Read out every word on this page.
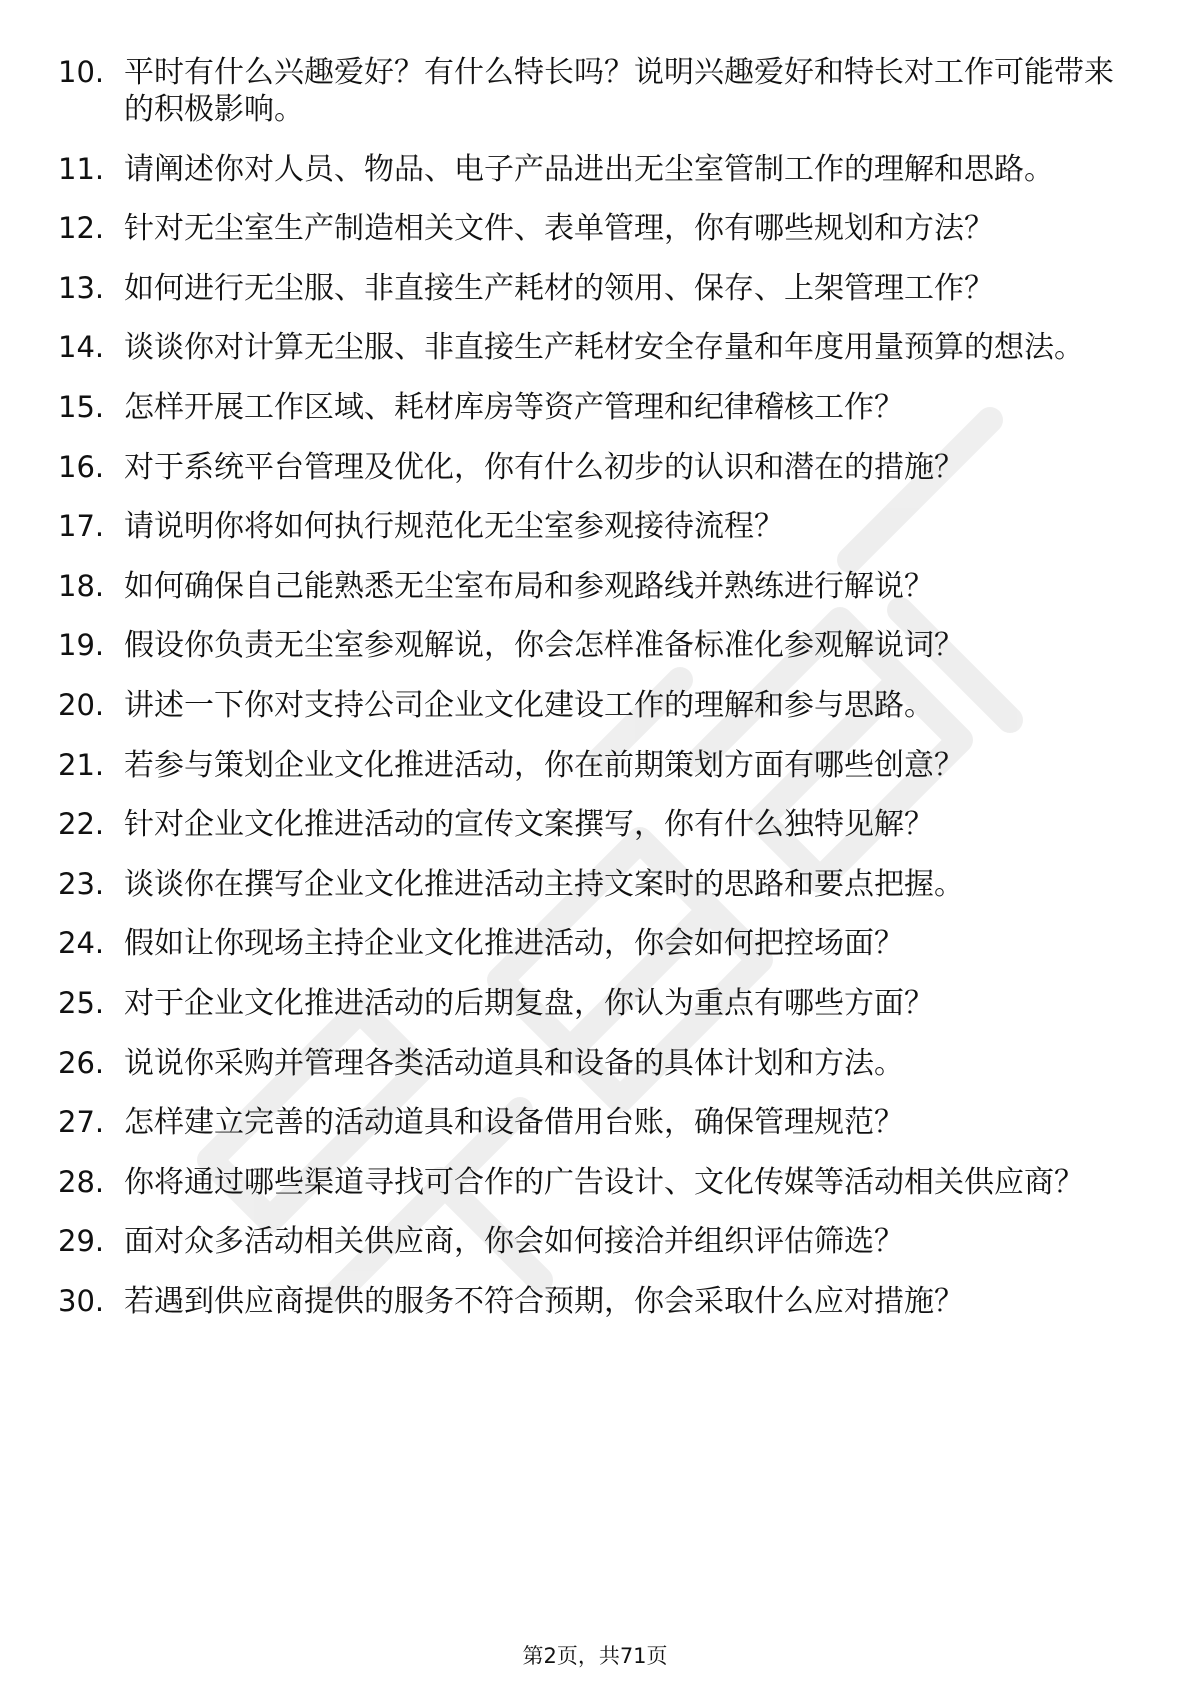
10. 平时有什么兴趣爱好？有什么特长吗？说明兴趣爱好和特长对工作可能带来的积极影响。
11. 请阐述你对人员、物品、电子产品进出无尘室管制工作的理解和思路。
12. 针对无尘室生产制造相关文件、表单管理，你有哪些规划和方法？
13. 如何进行无尘服、非直接生产耗材的领用、保存、上架管理工作？
14. 谈谈你对计算无尘服、非直接生产耗材安全存量和年度用量预算的想法。
15. 怎样开展工作区域、耗材库房等资产管理和纪律稽核工作？
16. 对于系统平台管理及优化，你有什么初步的认识和潜在的措施？
17. 请说明你将如何执行规范化无尘室参观接待流程？
18. 如何确保自己能熟悉无尘室布局和参观路线并熟练进行解说？
19. 假设你负责无尘室参观解说，你会怎样准备标准化参观解说词？
20. 讲述一下你对支持公司企业文化建设工作的理解和参与思路。
21. 若参与策划企业文化推进活动，你在前期策划方面有哪些创意？
22. 针对企业文化推进活动的宣传文案撰写，你有什么独特见解？
23. 谈谈你在撰写企业文化推进活动主持文案时的思路和要点把握。
24. 假如让你现场主持企业文化推进活动，你会如何把控场面？
25. 对于企业文化推进活动的后期复盘，你认为重点有哪些方面？
26. 说说你采购并管理各类活动道具和设备的具体计划和方法。
27. 怎样建立完善的活动道具和设备借用台账，确保管理规范？
28. 你将通过哪些渠道寻找可合作的广告设计、文化传媒等活动相关供应商？
29. 面对众多活动相关供应商，你会如何接洽并组织评估筛选？
30. 若遇到供应商提供的服务不符合预期，你会采取什么应对措施？
第2页，共71页
